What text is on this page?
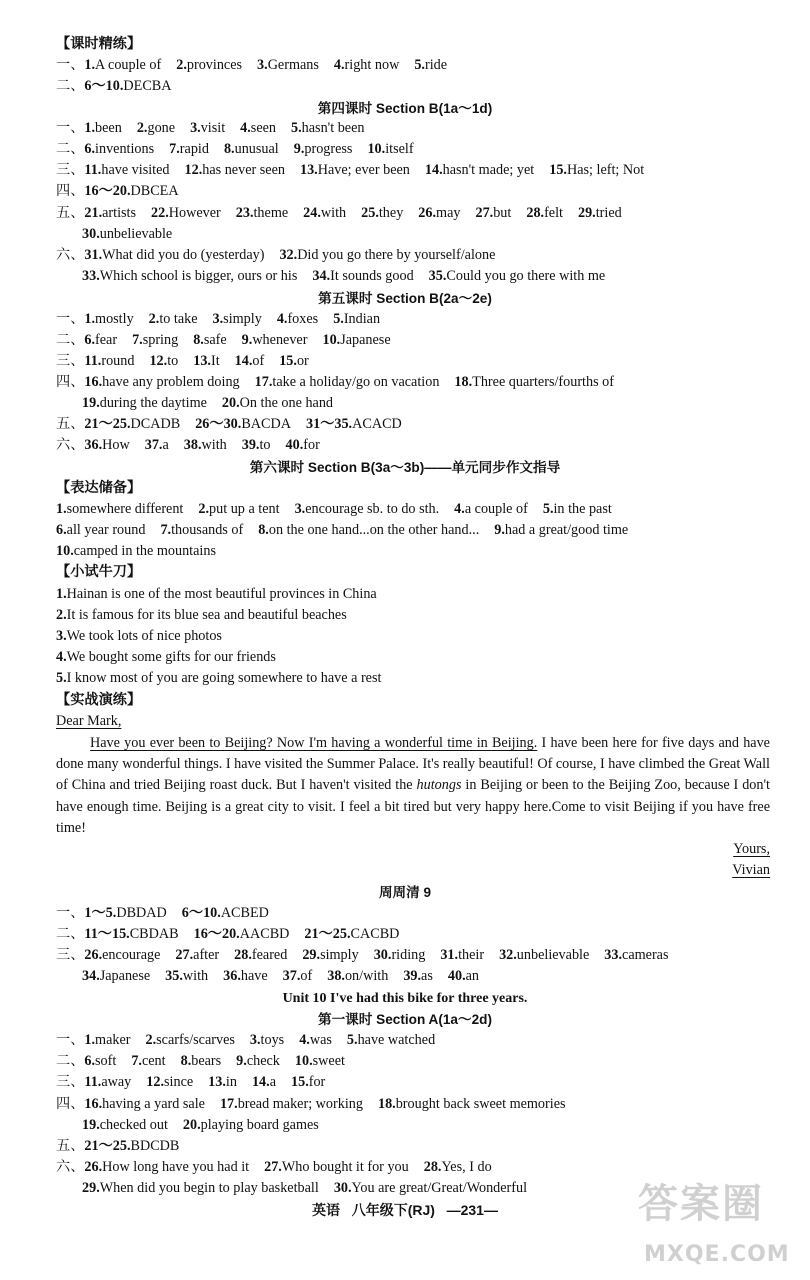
【课时精练】
一、1.A couple of 2.provinces 3.Germans 4.right now 5.ride
二、6～10.DECBA
第四课时 Section B(1a～1d)
一、1.been 2.gone 3.visit 4.seen 5.hasn't been
二、6.inventions 7.rapid 8.unusual 9.progress 10.itself
三、11.have visited 12.has never seen 13.Have; ever been 14.hasn't made; yet 15.Has; left; Not
四、16～20.DBCEA
五、21.artists 22.However 23.theme 24.with 25.they 26.may 27.but 28.felt 29.tried
30.unbelievable
六、31.What did you do (yesterday) 32.Did you go there by yourself/alone
33.Which school is bigger, ours or his 34.It sounds good 35.Could you go there with me
第五课时 Section B(2a～2e)
一、1.mostly 2.to take 3.simply 4.foxes 5.Indian
二、6.fear 7.spring 8.safe 9.whenever 10.Japanese
三、11.round 12.to 13.It 14.of 15.or
四、16.have any problem doing 17.take a holiday/go on vacation 18.Three quarters/fourths of
19.during the daytime 20.On the one hand
五、21～25.DCADB 26～30.BACDA 31～35.ACACD
六、36.How 37.a 38.with 39.to 40.for
第六课时 Section B(3a～3b)——单元同步作文指导
【表达储备】
1.somewhere different 2.put up a tent 3.encourage sb. to do sth. 4.a couple of 5.in the past
6.all year round 7.thousands of 8.on the one hand...on the other hand... 9.had a great/good time
10.camped in the mountains
【小试牛刀】
1.Hainan is one of the most beautiful provinces in China
2.It is famous for its blue sea and beautiful beaches
3.We took lots of nice photos
4.We bought some gifts for our friends
5.I know most of you are going somewhere to have a rest
【实战演练】
Dear Mark,
Have you ever been to Beijing? Now I'm having a wonderful time in Beijing. I have been here for five days and have done many wonderful things. I have visited the Summer Palace. It's really beautiful! Of course, I have climbed the Great Wall of China and tried Beijing roast duck. But I haven't visited the hutongs in Beijing or been to the Beijing Zoo, because I don't have enough time. Beijing is a great city to visit. I feel a bit tired but very happy here.Come to visit Beijing if you have free time!
Yours,
Vivian
周周清 9
一、1～5.DBDAD 6～10.ACBED
二、11～15.CBDAB 16～20.AACBD 21～25.CACBD
三、26.encourage 27.after 28.feared 29.simply 30.riding 31.their 32.unbelievable 33.cameras
34.Japanese 35.with 36.have 37.of 38.on/with 39.as 40.an
Unit 10 I've had this bike for three years.
第一课时 Section A(1a～2d)
一、1.maker 2.scarfs/scarves 3.toys 4.was 5.have watched
二、6.soft 7.cent 8.bears 9.check 10.sweet
三、11.away 12.since 13.in 14.a 15.for
四、16.having a yard sale 17.bread maker; working 18.brought back sweet memories
19.checked out 20.playing board games
五、21～25.BDCDB
六、26.How long have you had it 27.Who bought it for you 28.Yes, I do
29.When did you begin to play basketball 30.You are great/Great/Wonderful
英语 八年级下(RJ) —231—	答案圈
MXQE.COM
